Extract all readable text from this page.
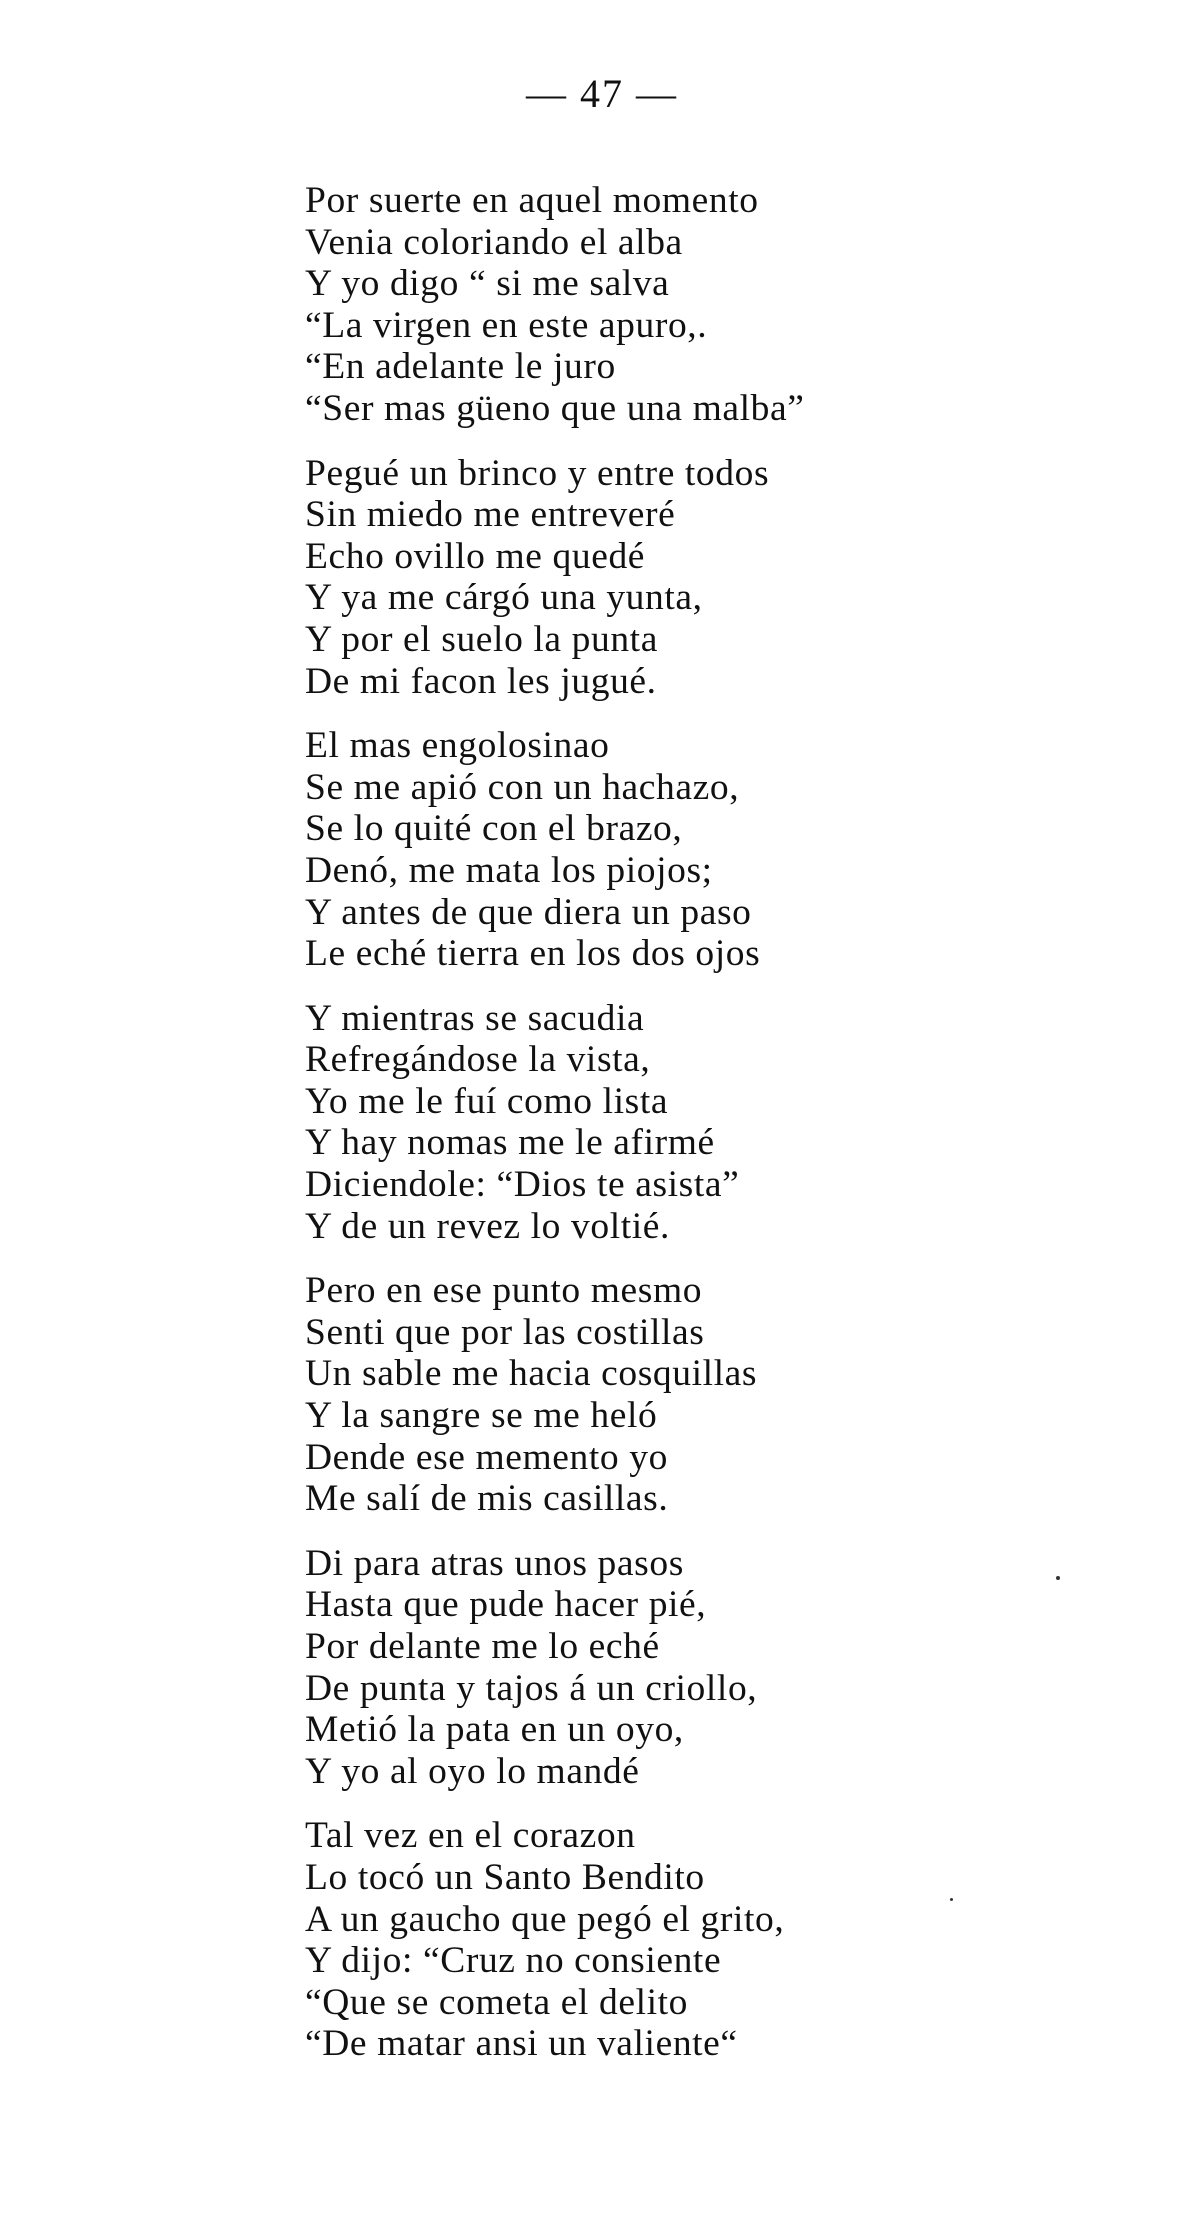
— 47 —
Por suerte en aquel momento
Venia coloriando el alba
Y yo digo “ si me salva
“La virgen en este apuro,.
“En adelante le juro
“Ser mas güeno que una malba”
Pegué un brinco y entre todos
Sin miedo me entreveré
Echo ovillo me quedé
Y ya me cárgó una yunta,
Y por el suelo la punta
De mi facon les jugué.
El mas engolosinao
Se me apió con un hachazo,
Se lo quité con el brazo,
Denó, me mata los piojos;
Y antes de que diera un paso
Le eché tierra en los dos ojos
Y mientras se sacudia
Refregándose la vista,
Yo me le fuí como lista
Y hay nomas me le afirmé
Diciendole: “Dios te asista”
Y de un revez lo voltié.
Pero en ese punto mesmo
Senti que por las costillas
Un sable me hacia cosquillas
Y la sangre se me heló
Dende ese memento yo
Me salí de mis casillas.
Di para atras unos pasos
Hasta que pude hacer pié,
Por delante me lo eché
De punta y tajos á un criollo,
Metió la pata en un oyo,
Y yo al oyo lo mandé
Tal vez en el corazon
Lo tocó un Santo Bendito
A un gaucho que pegó el grito,
Y dijo: “Cruz no consiente
“Que se cometa el delito
“De matar ansi un valiente“
